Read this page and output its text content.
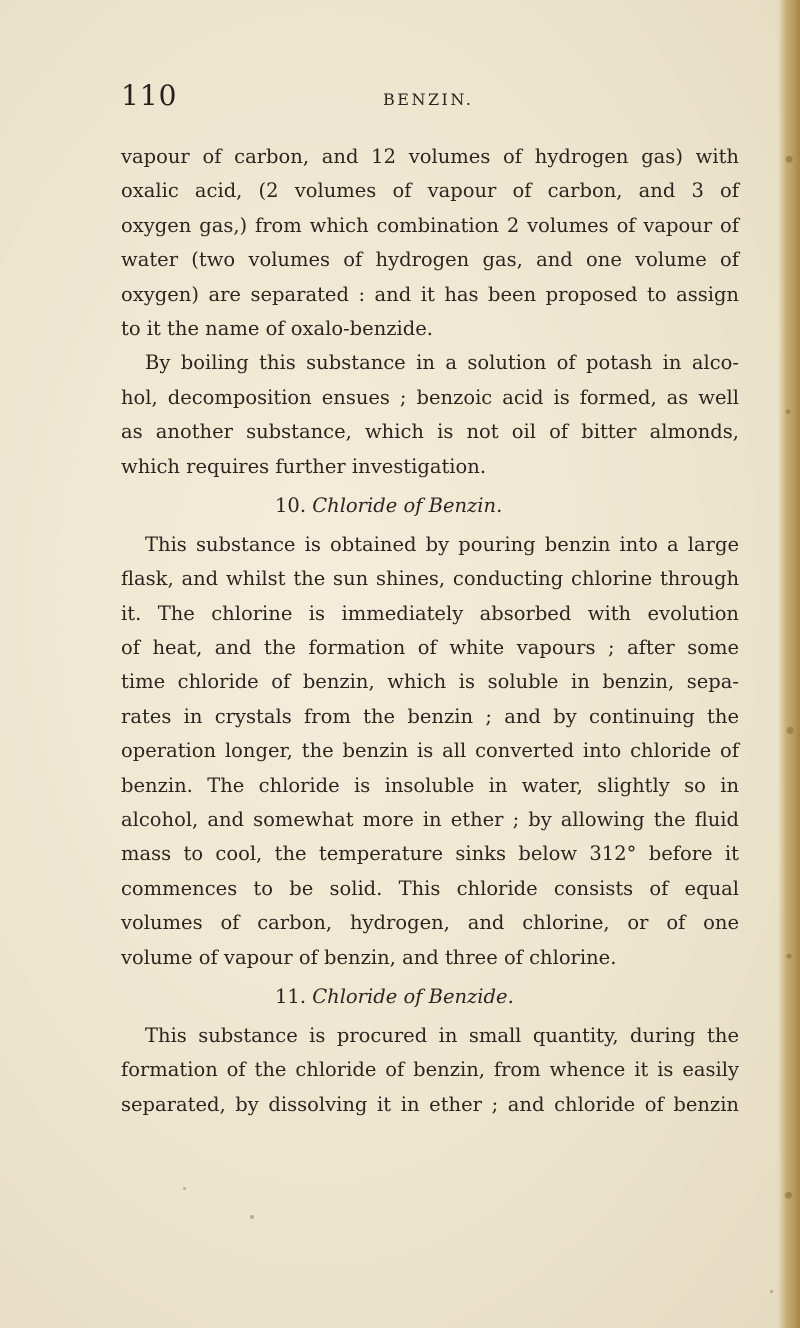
110	BENZIN.
vapour of carbon, and 12 volumes of hydrogen gas) with
oxalic acid, (2 volumes of vapour of carbon, and 3 of
oxygen gas,) from which combination 2 volumes of vapour of
water (two volumes of hydrogen gas, and one volume of
oxygen) are separated : and it has been proposed to assign
to it the name of oxalo-benzide.
By boiling this substance in a solution of potash in alco-
hol, decomposition ensues ; benzoic acid is formed, as well
as another substance, which is not oil of bitter almonds,
which requires further investigation.
10. Chloride of Benzin.
This substance is obtained by pouring benzin into a large
flask, and whilst the sun shines, conducting chlorine through
it. The chlorine is immediately absorbed with evolution
of heat, and the formation of white vapours ; after some
time chloride of benzin, which is soluble in benzin, sepa-
rates in crystals from the benzin ; and by continuing the
operation longer, the benzin is all converted into chloride of
benzin. The chloride is insoluble in water, slightly so in
alcohol, and somewhat more in ether ; by allowing the fluid
mass to cool, the temperature sinks below 312° before it
commences to be solid. This chloride consists of equal
volumes of carbon, hydrogen, and chlorine, or of one
volume of vapour of benzin, and three of chlorine.
11. Chloride of Benzide.
This substance is procured in small quantity, during the
formation of the chloride of benzin, from whence it is easily
separated, by dissolving it in ether ; and chloride of benzin
